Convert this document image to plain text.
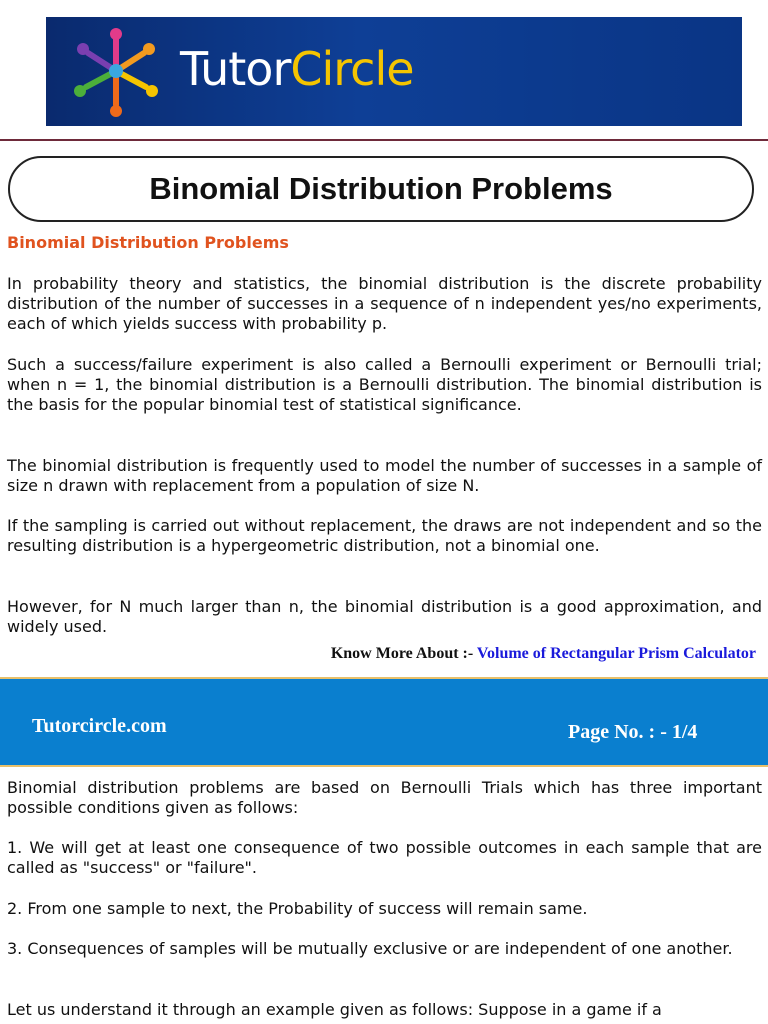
TutorCircle
Binomial Distribution Problems
Binomial Distribution Problems

In probability theory and statistics, the binomial distribution is the discrete probability distribution of the number of successes in a sequence of n independent yes/no experiments, each of which yields success with probability p.

Such a success/failure experiment is also called a Bernoulli experiment or Bernoulli trial; when n = 1, the binomial distribution is a Bernoulli distribution. The binomial distribution is the basis for the popular binomial test of statistical significance.

The binomial distribution is frequently used to model the number of successes in a sample of size n drawn with replacement from a population of size N.

If the sampling is carried out without replacement, the draws are not independent and so the resulting distribution is a hypergeometric distribution, not a binomial one.

However, for N much larger than n, the binomial distribution is a good approximation, and widely used.

Know More About :- Volume of Rectangular Prism Calculator
Tutorcircle.com	Page No. : - 1/4

Binomial distribution problems are based on Bernoulli Trials which has three important possible conditions given as follows:

1. We will get at least one consequence of two possible outcomes in each sample that are called as "success" or "failure".

2. From one sample to next, the Probability of success will remain same.

3. Consequences of samples will be mutually exclusive or are independent of one another.

Let us understand it through an example given as follows: Suppose in a game if a
